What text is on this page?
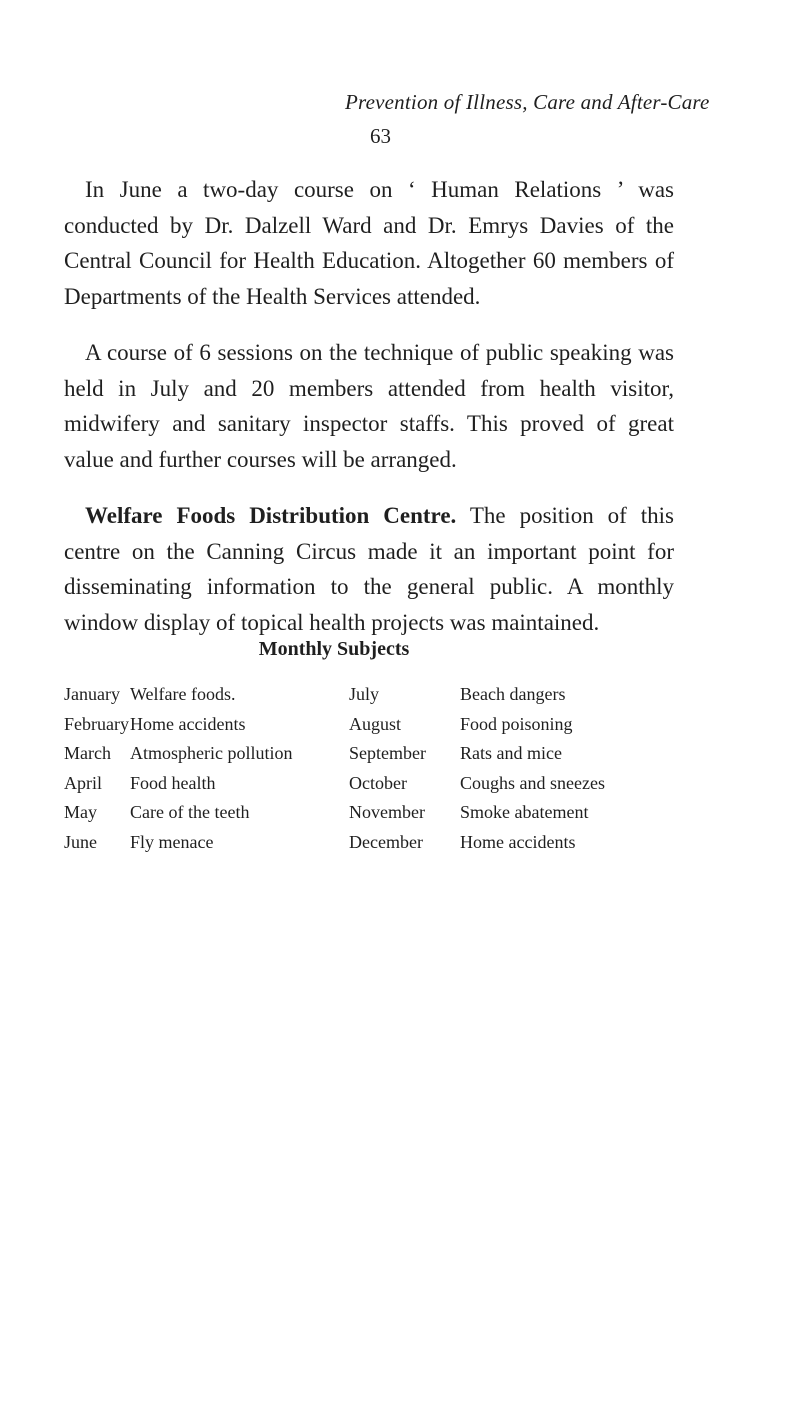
Prevention of Illness, Care and After-Care
63

In June a two-day course on ‘ Human Relations ’ was conducted by Dr. Dalzell Ward and Dr. Emrys Davies of the Central Council for Health Education. Altogether 60 members of Departments of the Health Services attended.

A course of 6 sessions on the technique of public speaking was held in July and 20 members attended from health visitor, midwifery and sanitary inspector staffs. This proved of great value and further courses will be arranged.

Welfare Foods Distribution Centre. The position of this centre on the Canning Circus made it an important point for disseminating information to the general public. A monthly window display of topical health projects was maintained.

Monthly Subjects
January Welfare foods.	July	Beach dangers
February Home accidents	August	Food poisoning
March	Atmospheric pollution	September	Rats and mice
April	Food health	October	Coughs and sneezes
May	Care of the teeth	November	Smoke abatement
June	Fly menace	December	Home accidents
